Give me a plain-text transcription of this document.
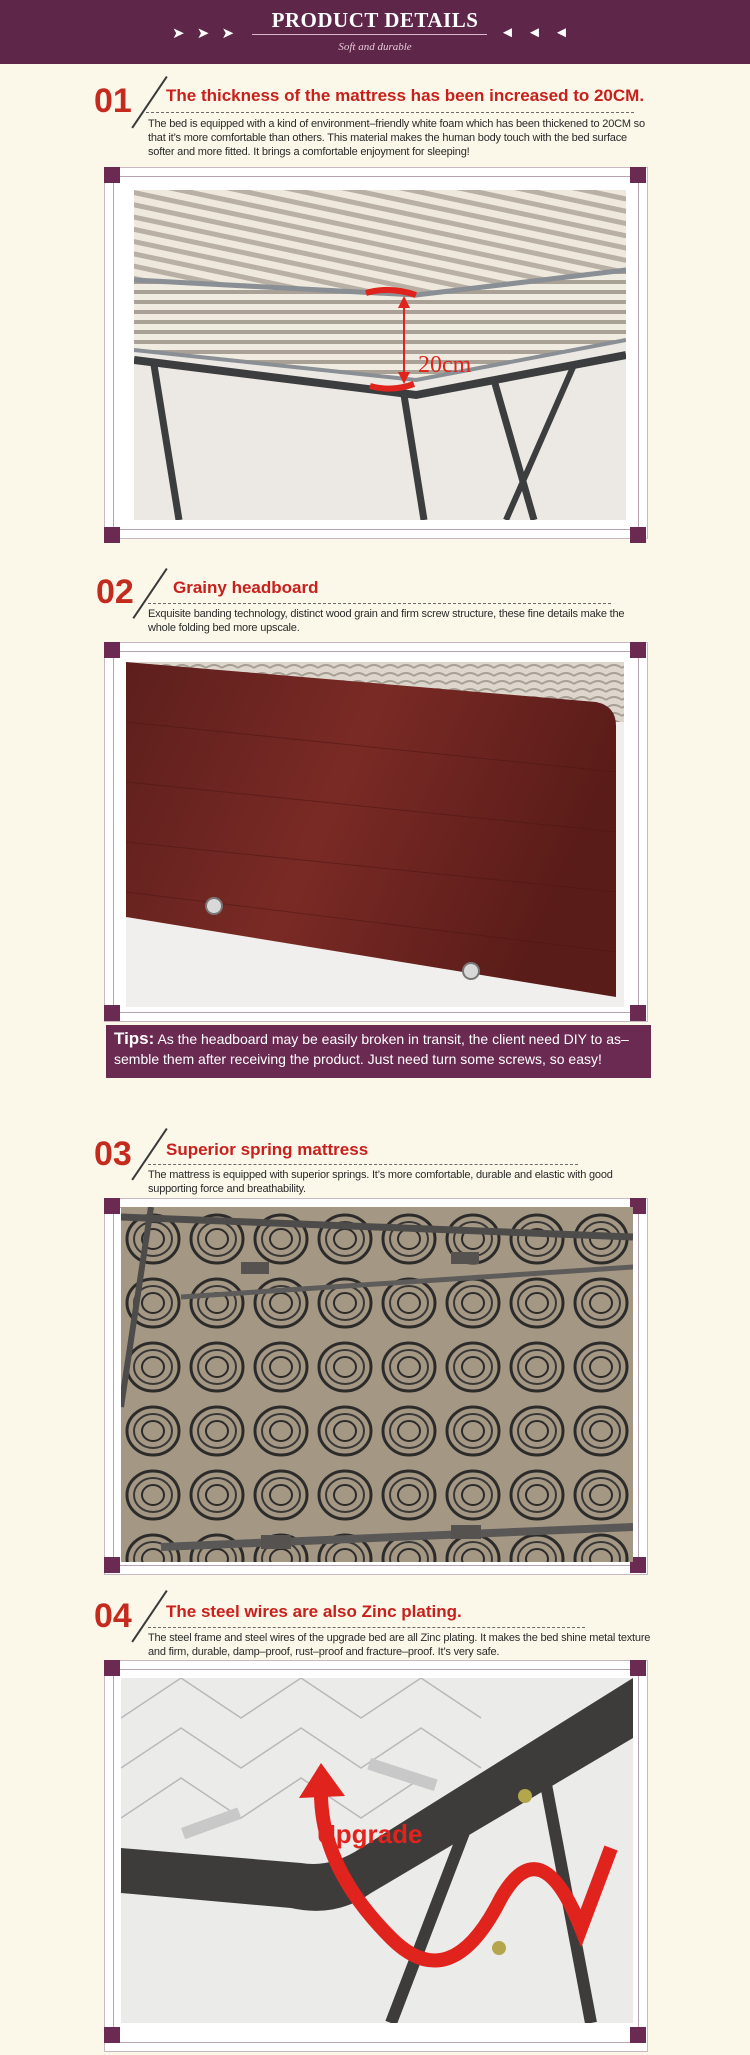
➤ ➤ ➤	◄ ◄ ◄
PRODUCT DETAILS
Soft and durable
01 The thickness of the mattress has been increased to 20CM.
The bed is equipped with a kind of environment–friendly white foam which has been thickened to 20CM so that it’s more comfortable than others. This material makes the human body touch with the bed surface softer and more fitted. It brings a comfortable enjoyment for sleeping!
20cm
02 Grainy headboard
Exquisite banding technology, distinct wood grain and firm screw structure, these fine details make the whole folding bed more upscale.
Tips: As the headboard may be easily broken in transit, the client need DIY to as–semble them after receiving the product. Just need turn some screws, so easy!
03 Superior spring mattress
The mattress is equipped with superior springs. It’s more comfortable, durable and elastic with good supporting force and breathability.
04 The steel wires are also Zinc plating.
The steel frame and steel wires of the upgrade bed are all Zinc plating. It makes the bed shine metal texture and firm, durable, damp–proof, rust–proof and fracture–proof. It’s very safe.
Upgrade
